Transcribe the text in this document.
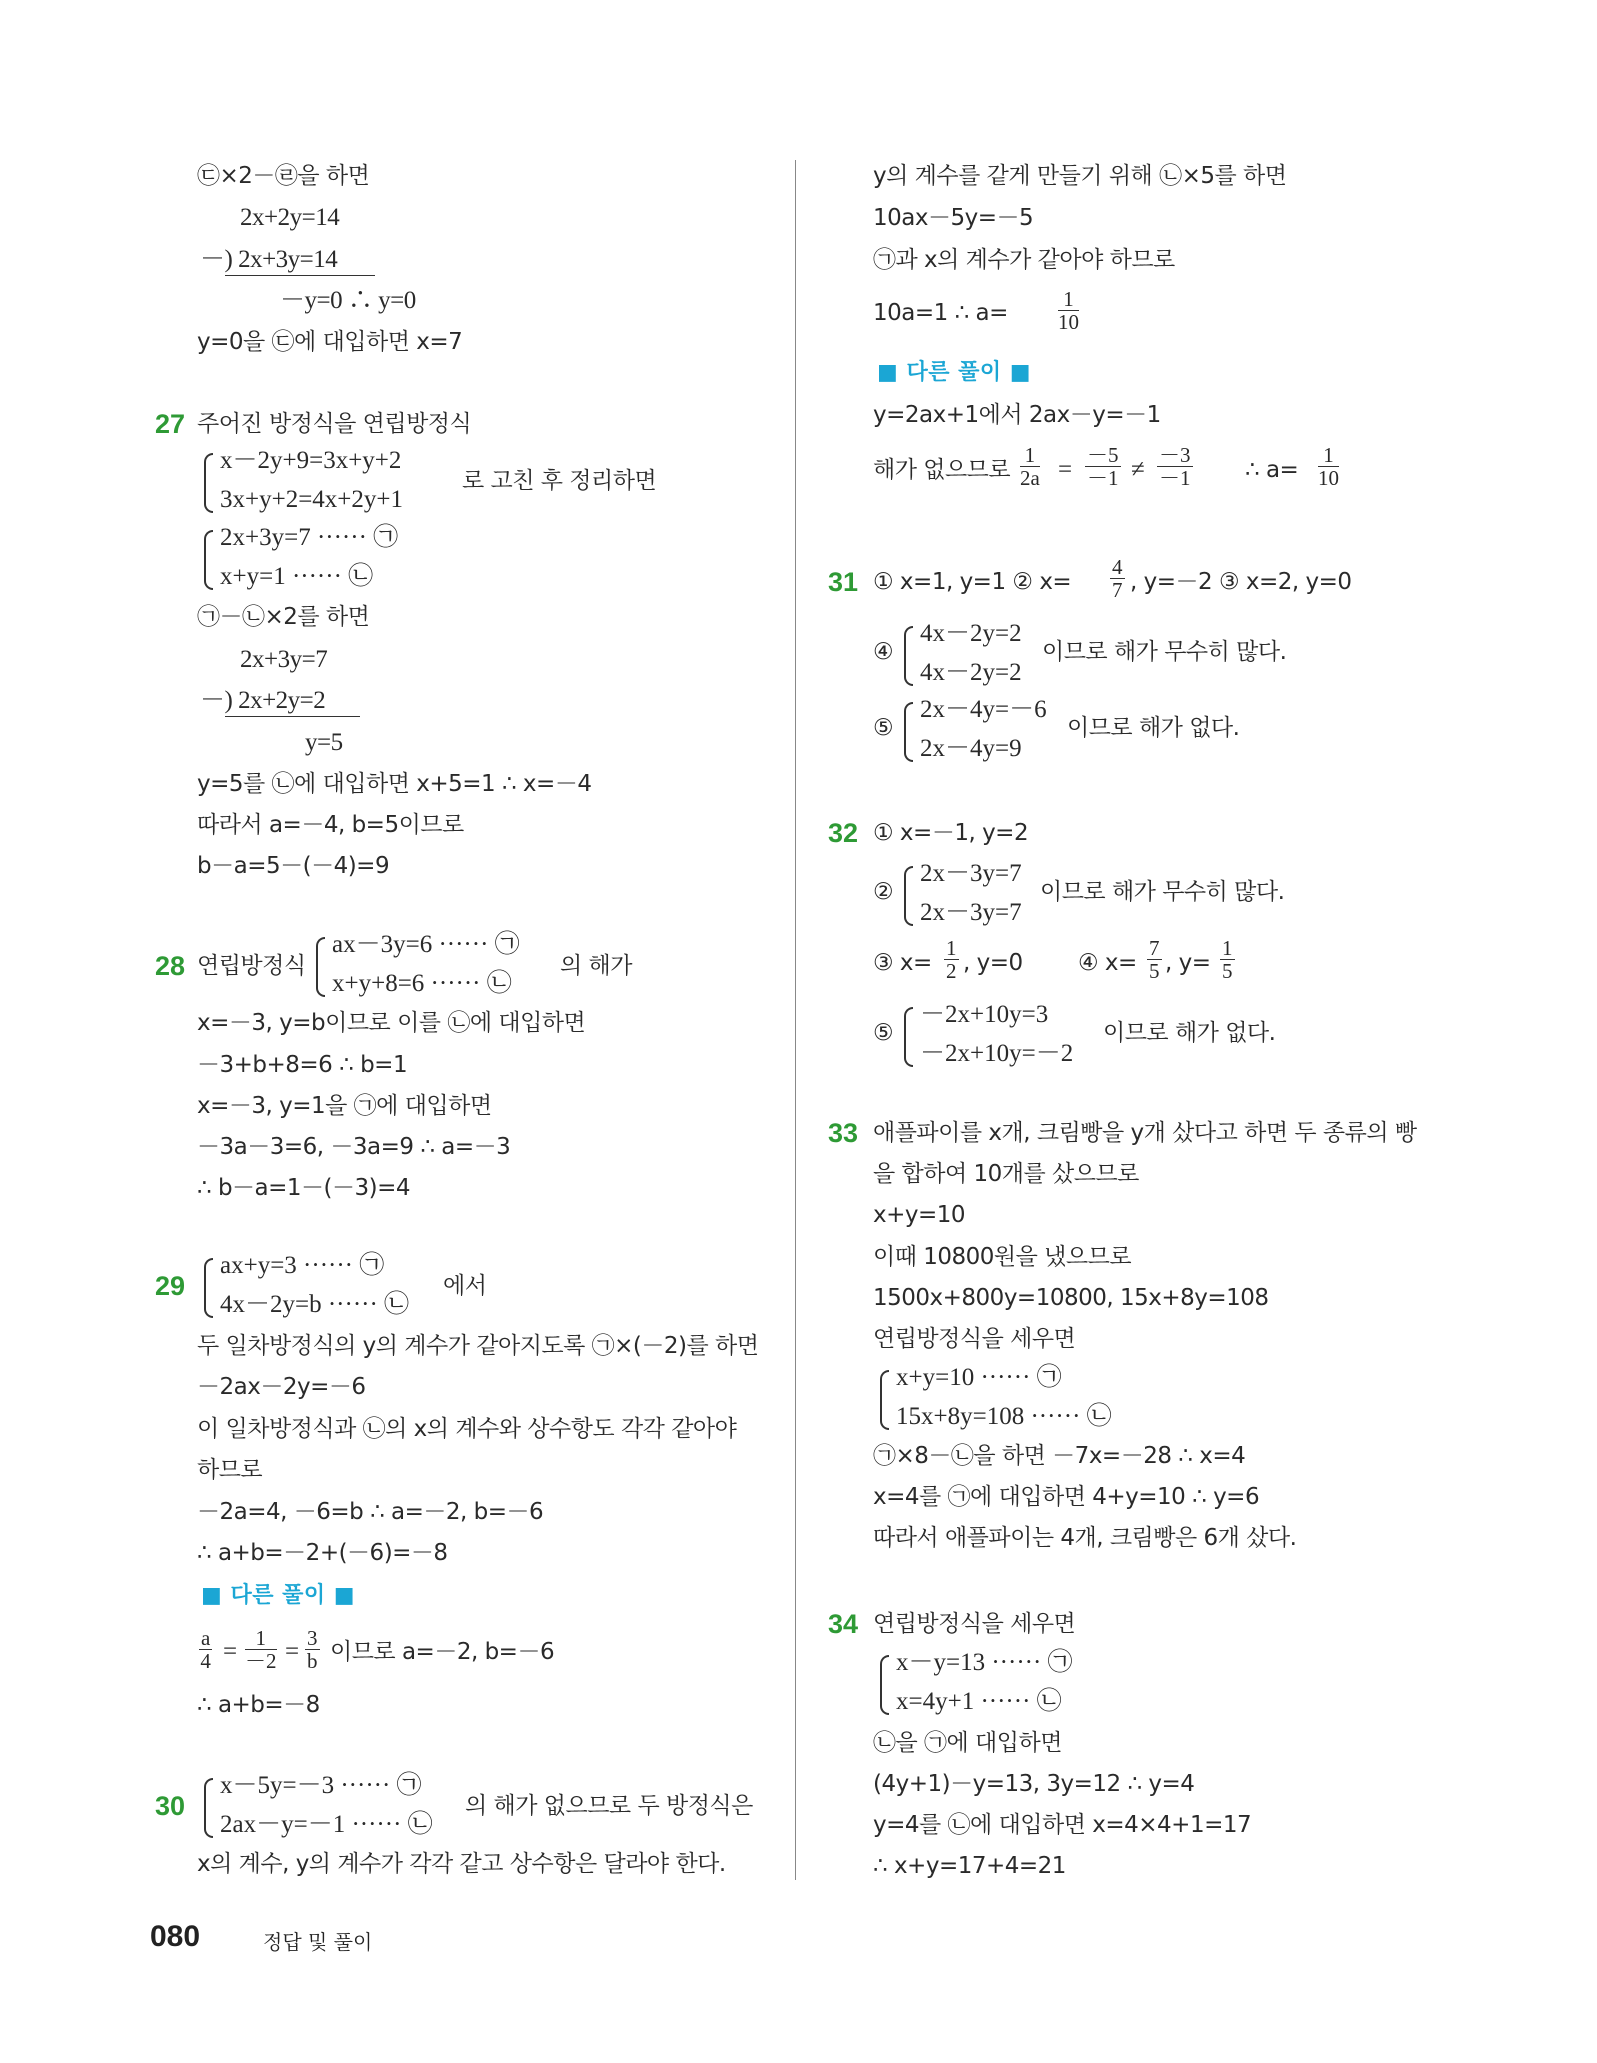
㉢×2－㉣을 하면
2x+2y=14
－) 2x+3y=14
－y=0 ∴ y=0
y=0을 ㉢에 대입하면 x=7
27 주어진 방정식을 연립방정식
x－2y+9=3x+y+2
3x+y+2=4x+2y+1
로 고친 후 정리하면
2x+3y=7 ······ ㉠
x+y=1 ······ ㉡
㉠－㉡×2를 하면
2x+3y=7
－) 2x+2y=2
y=5
y=5를 ㉡에 대입하면 x+5=1 ∴ x=－4
따라서 a=－4, b=5이므로
b－a=5－(－4)=9
28 연립방정식
ax－3y=6 ······ ㉠
x+y+8=6 ······ ㉡
의 해가
x=－3, y=b이므로 이를 ㉡에 대입하면
－3+b+8=6 ∴ b=1
x=－3, y=1을 ㉠에 대입하면
－3a－3=6, －3a=9 ∴ a=－3
∴ b－a=1－(－3)=4
29
ax+y=3 ······ ㉠
4x－2y=b ······ ㉡
에서
두 일차방정식의 y의 계수가 같아지도록 ㉠×(－2)를 하면
－2ax－2y=－6
이 일차방정식과 ㉡의 x의 계수와 상수항도 각각 같아야
하므로
－2a=4, －6=b ∴ a=－2, b=－6
∴ a+b=－2+(－6)=－8
■ 다른 풀이 ■
$\frac{a}{4} = \frac{1}{-2} = \frac{3}{b}$ 이므로 a=－2, b=－6
∴ a+b=－8
30
x－5y=－3 ······ ㉠
2ax－y=－1 ······ ㉡
의 해가 없으므로 두 방정식은
x의 계수, y의 계수가 각각 같고 상수항은 달라야 한다.
y의 계수를 같게 만들기 위해 ㉡×5를 하면
10ax－5y=－5
㉠과 x의 계수가 같아야 하므로
10a=1 ∴ $a= \frac{1}{10}$
■ 다른 풀이 ■
y=2ax+1에서 2ax－y=－1
해가 없으므로 $\frac{1}{2a} = \frac{-5}{-1} \ne \frac{-3}{-1}$ ∴ $a= \frac{1}{10}$
31 ① x=1, y=1 ② $x= \frac{4}{7}$ , y=－2 ③ x=2, y=0
④
4x－2y=2
4x－2y=2
이므로 해가 무수히 많다.
⑤
2x－4y=－6
2x－4y=9
이므로 해가 없다.
32 ① x=－1, y=2
②
2x－3y=7
2x－3y=7
이므로 해가 무수히 많다.
③ $x= \frac{1}{2}$ , y=0 ④ $x= \frac{7}{5}$ , $y= \frac{1}{5}$
⑤
－2x+10y=3
－2x+10y=－2
이므로 해가 없다.
33 애플파이를 x개, 크림빵을 y개 샀다고 하면 두 종류의 빵
을 합하여 10개를 샀으므로
x+y=10
이때 10800원을 냈으므로
1500x+800y=10800, 15x+8y=108
연립방정식을 세우면
x+y=10 ······ ㉠
15x+8y=108 ······ ㉡
㉠×8－㉡을 하면 －7x=－28 ∴ x=4
x=4를 ㉠에 대입하면 4+y=10 ∴ y=6
따라서 애플파이는 4개, 크림빵은 6개 샀다.
34 연립방정식을 세우면
x－y=13 ······ ㉠
x=4y+1 ······ ㉡
㉡을 ㉠에 대입하면
(4y+1)－y=13, 3y=12 ∴ y=4
y=4를 ㉡에 대입하면 x=4×4+1=17
∴ x+y=17+4=21
080	정답 및 풀이
